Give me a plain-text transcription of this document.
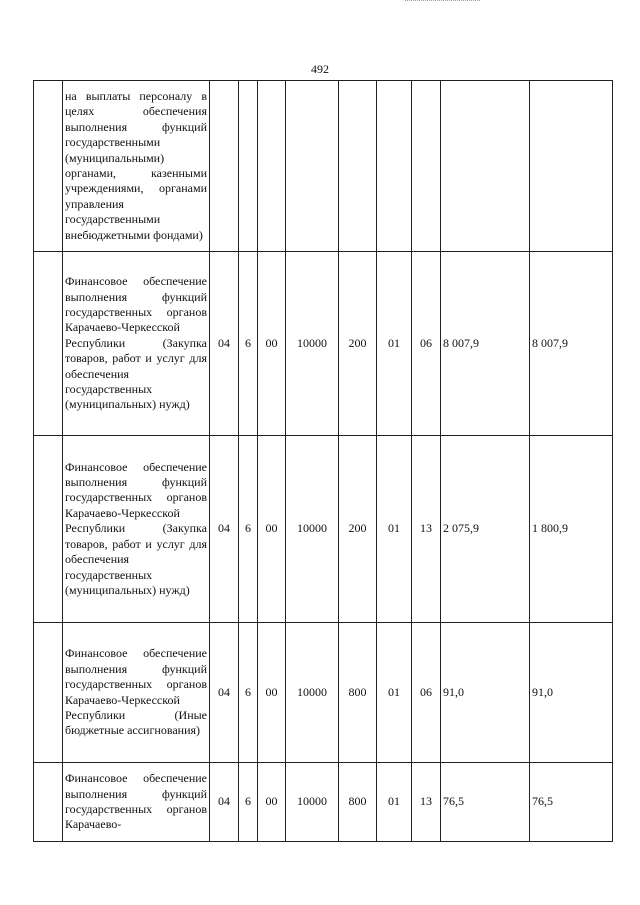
492

	на выплаты персоналу в целях обеспечения выполнения функций государственными (муниципальными) органами, казенными учреждениями, органами управления государственными внебюджетными фондами)									

	Финансовое обеспечение выполнения функций государственных органов Карачаево-Черкесской Республики (Закупка товаров, работ и услуг для обеспечения государственных (муниципальных) нужд)	04	6	00	10000	200	01	06	8 007,9	8 007,9

	Финансовое обеспечение выполнения функций государственных органов Карачаево-Черкесской Республики (Закупка товаров, работ и услуг для обеспечения государственных (муниципальных) нужд)	04	6	00	10000	200	01	13	2 075,9	1 800,9

	Финансовое обеспечение выполнения функций государственных органов Карачаево-Черкесской Республики (Иные бюджетные ассигнования)	04	6	00	10000	800	01	06	91,0	91,0

	Финансовое обеспечение выполнения функций государственных органов Карачаево-	04	6	00	10000	800	01	13	76,5	76,5
